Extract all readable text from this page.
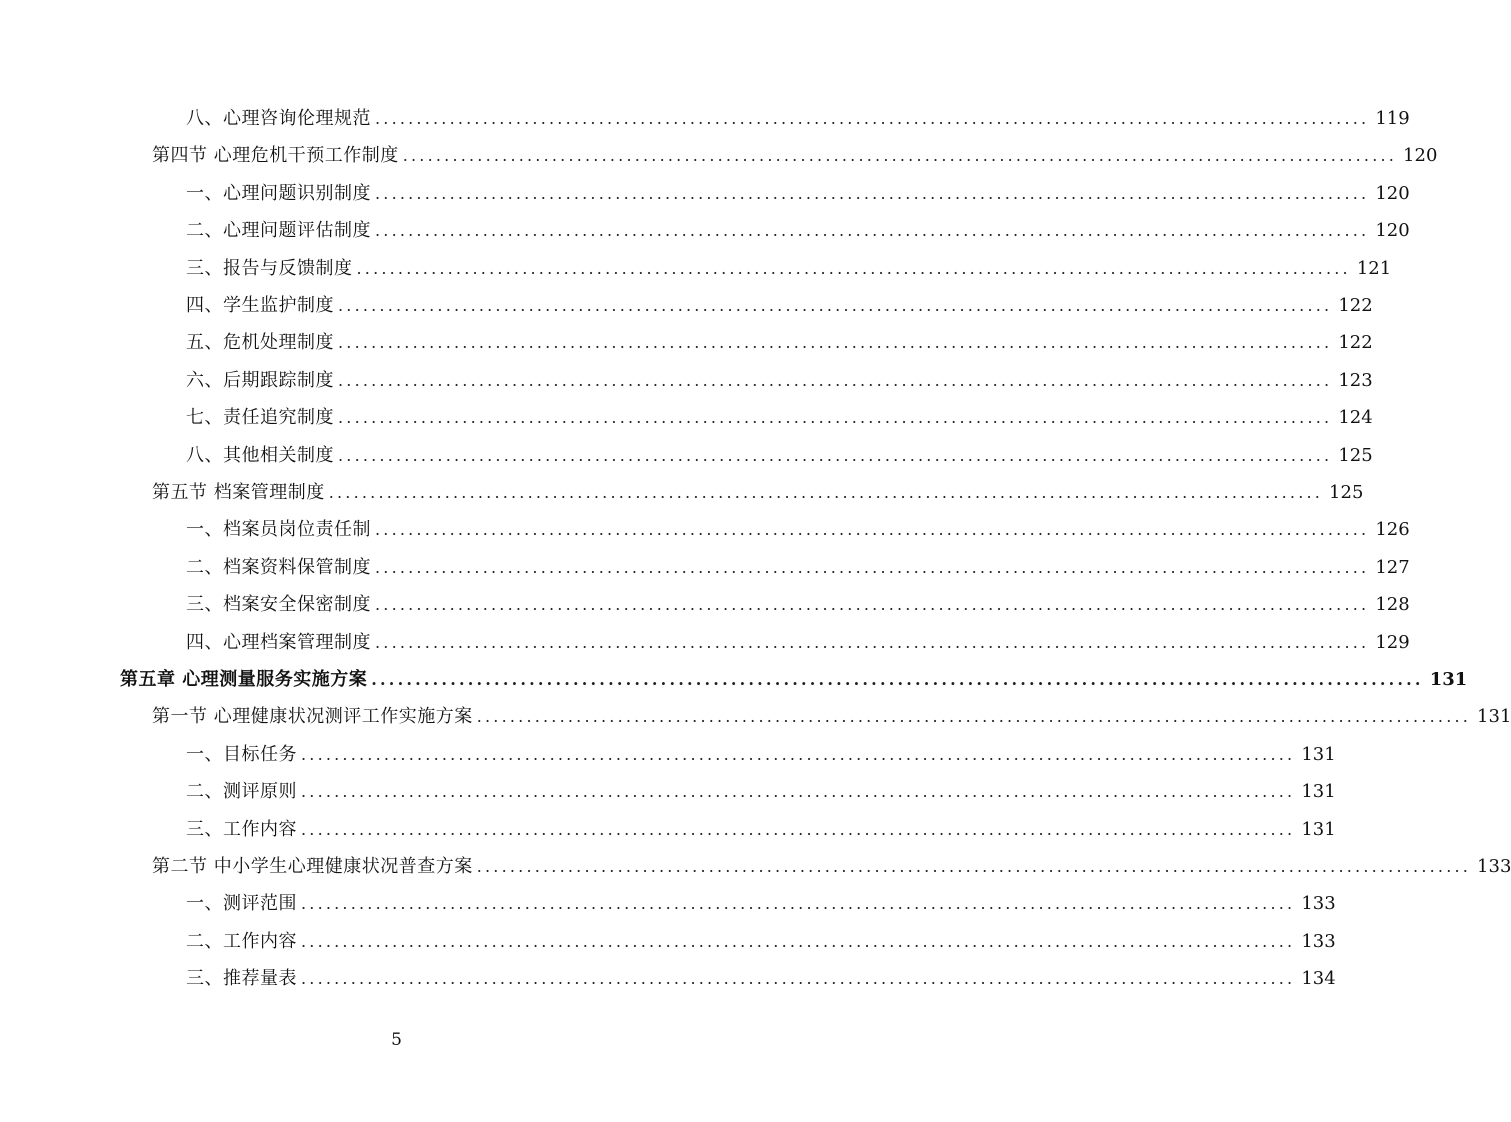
八、心理咨询伦理规范 ........................................................................................................................ 119
第四节 心理危机干预工作制度 ........................................................................................................................ 120
一、心理问题识别制度 ........................................................................................................................ 120
二、心理问题评估制度 ........................................................................................................................ 120
三、报告与反馈制度 ........................................................................................................................ 121
四、学生监护制度 ........................................................................................................................ 122
五、危机处理制度 ........................................................................................................................ 122
六、后期跟踪制度 ........................................................................................................................ 123
七、责任追究制度 ........................................................................................................................ 124
八、其他相关制度 ........................................................................................................................ 125
第五节 档案管理制度 ........................................................................................................................ 125
一、档案员岗位责任制 ........................................................................................................................ 126
二、档案资料保管制度 ........................................................................................................................ 127
三、档案安全保密制度 ........................................................................................................................ 128
四、心理档案管理制度 ........................................................................................................................ 129
第五章 心理测量服务实施方案 ........................................................................................................................ 131
第一节 心理健康状况测评工作实施方案 ........................................................................................................................ 131
一、目标任务 ........................................................................................................................ 131
二、测评原则 ........................................................................................................................ 131
三、工作内容 ........................................................................................................................ 131
第二节 中小学生心理健康状况普查方案 ........................................................................................................................ 133
一、测评范围 ........................................................................................................................ 133
二、工作内容 ........................................................................................................................ 133
三、推荐量表 ........................................................................................................................ 134
5
